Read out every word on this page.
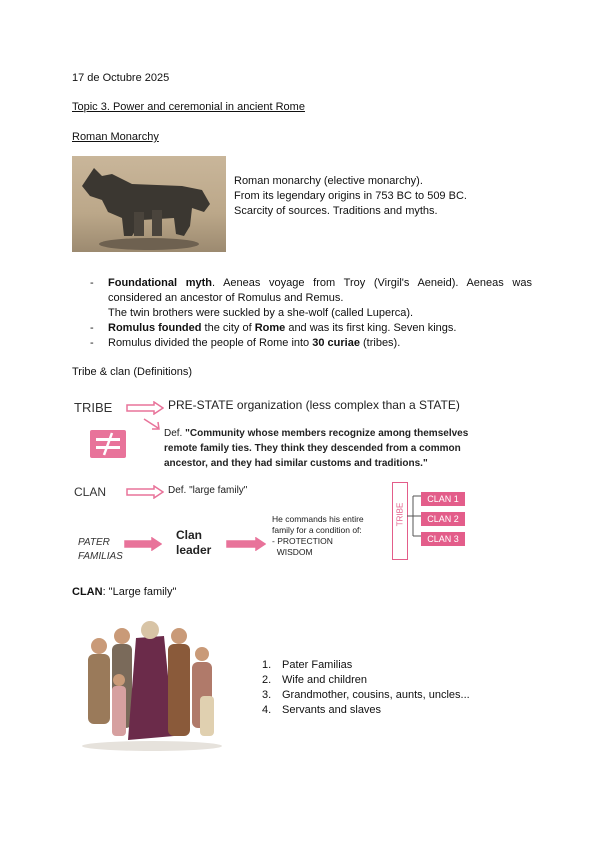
17 de Octubre 2025
Topic 3. Power and ceremonial in ancient Rome
Roman Monarchy
Roman monarchy (elective monarchy).
From its legendary origins in 753 BC to 509 BC.
Scarcity of sources. Traditions and myths.
- Foundational myth. Aeneas voyage from Troy (Virgil's Aeneid). Aeneas was considered an ancestor of Romulus and Remus.
The twin brothers were suckled by a she-wolf (called Luperca).
- Romulus founded the city of Rome and was its first king. Seven kings.
- Romulus divided the people of Rome into 30 curiae (tribes).
Tribe & clan (Definitions)
TRIBE	PRE-STATE organization (less complex than a STATE)
Def. "Community whose members recognize among themselves
remote family ties. They think they descended from a common
ancestor, and they had similar customs and traditions."
CLAN	Def. "large family"
PATER
FAMILIAS
Clan
leader
He commands his entire
family for a condition of:
- PROTECTION
WISDOM
TRIBE
CLAN 1
CLAN 2
CLAN 3
CLAN: "Large family"
1. Pater Familias
2. Wife and children
3. Grandmother, cousins, aunts, uncles...
4. Servants and slaves
